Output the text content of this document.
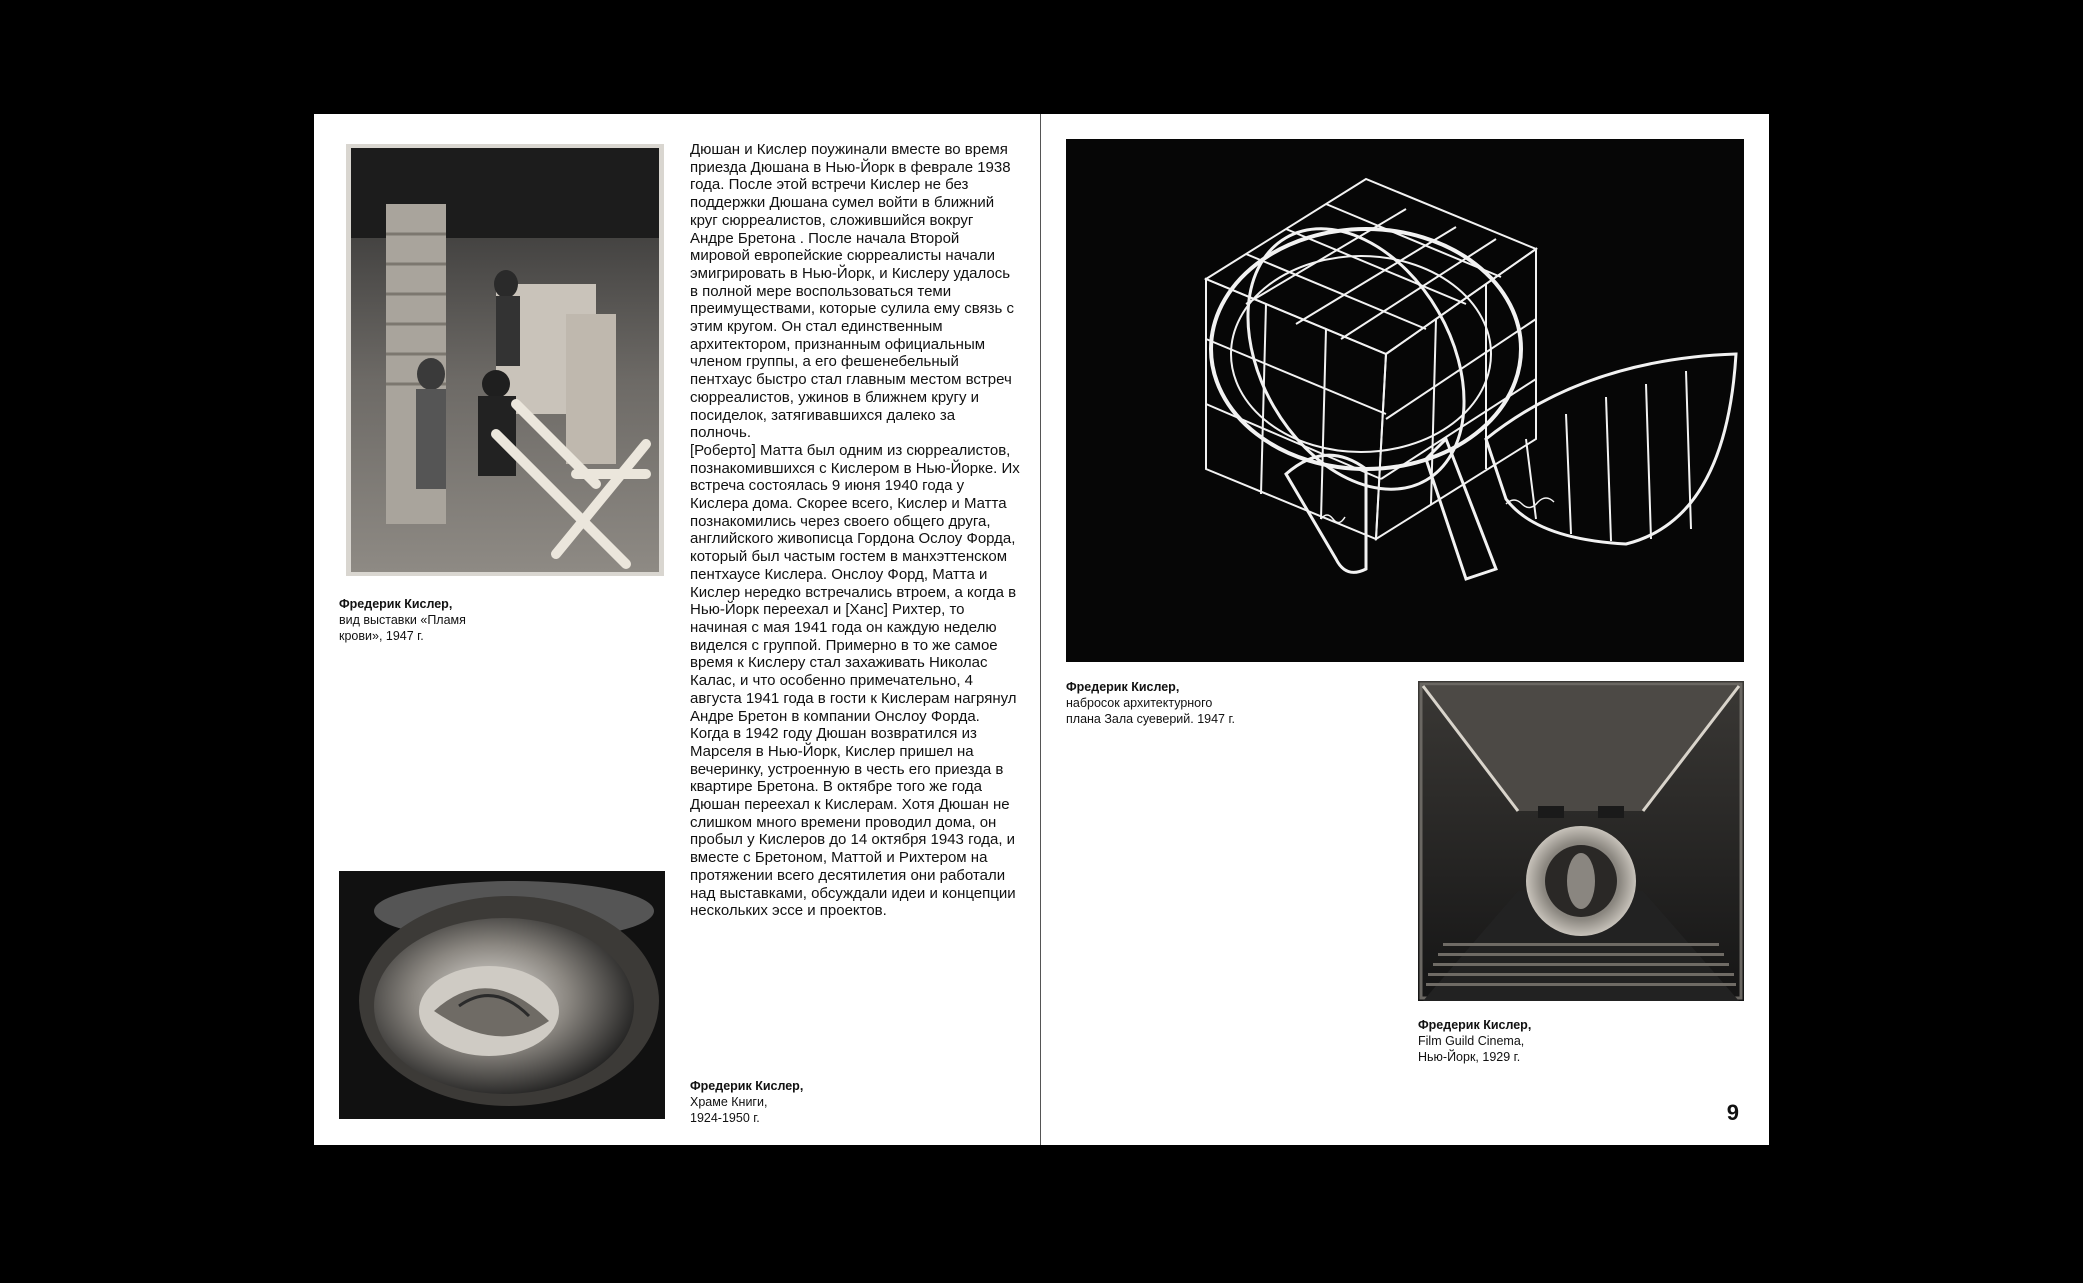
Фредерик Кислер,
вид выставки «Пламя
крови», 1947 г.
Фредерик Кислер,
Храме Книги,
1924-1950 г.

Дюшан и Кислер поужинали вместе во время приезда Дюшана в Нью-Йорк в феврале 1938 года. После этой встречи Кислер не без поддержки Дюшана сумел войти в ближний круг сюрреалистов, сложившийся вокруг Андре Бретона . После начала Второй мировой европейские сюрреалисты начали эмигрировать в Нью-Йорк, и Кислеру удалось в полной мере воспользоваться теми преимуществами, которые сулила ему связь с этим кругом. Он стал единственным архитектором, признанным официальным членом группы, а его фешенебельный пентхаус быстро стал главным местом встреч сюрреалистов, ужинов в ближнем кругу и посиделок, затягивавшихся далеко за полночь.

[Роберто] Матта был одним из сюрреалистов, познакомившихся с Кислером в Нью-Йорке. Их встреча состоялась 9 июня 1940 года у Кислера дома. Скорее всего, Кислер и Матта познакомились через своего общего друга, английского живописца Гордона Ослоу Форда, который был частым гостем в манхэттенском пентхаусе Кислера. Онслоу Форд, Матта и Кислер нередко встречались втроем, а когда в Нью-Йорк переехал и [Ханс] Рихтер, то начиная с мая 1941 года он каждую неделю виделся с группой. Примерно в то же самое время к Кислеру стал захаживать Николас Калас, и что особенно примечательно, 4 августа 1941 года в гости к Кислерам нагрянул Андре Бретон в компании Онслоу Форда. Когда в 1942 году Дюшан возвратился из Марселя в Нью-Йорк, Кислер пришел на вечеринку, устроенную в честь его приезда в квартире Бретона. В октябре того же года Дюшан переехал к Кислерам. Хотя Дюшан не слишком много времени проводил дома, он пробыл у Кислеров до 14 октября 1943 года, и вместе с Бретоном, Маттой и Рихтером на протяжении всего десятилетия они работали над выставками, обсуждали идеи и концепции нескольких эссе и проектов.

Фредерик Кислер,
набросок архитектурного
плана Зала суеверий. 1947 г.
Фредерик Кислер,
Film Guild Cinema,
Нью-Йорк, 1929 г.
9
